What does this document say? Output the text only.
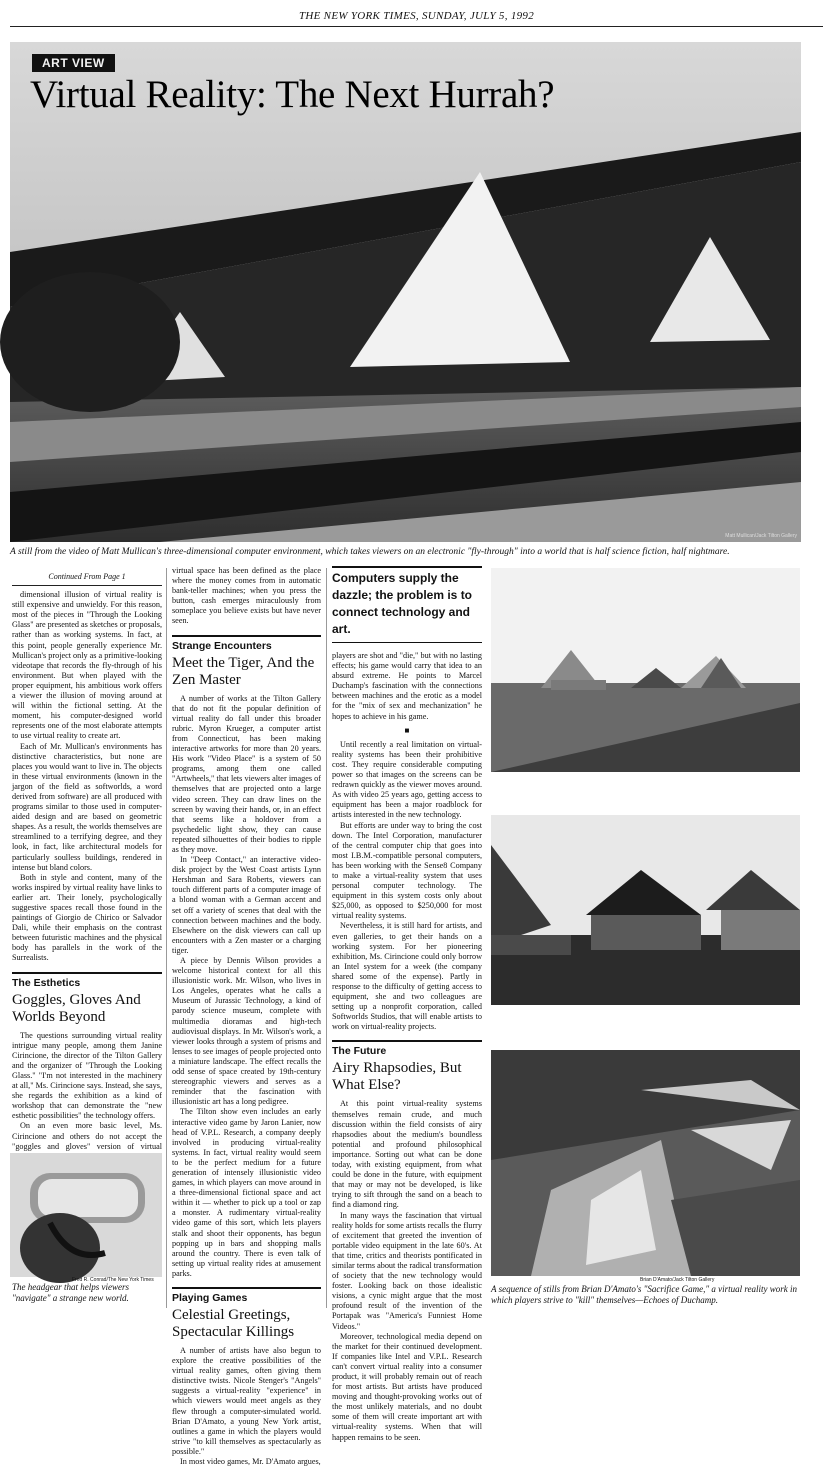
THE NEW YORK TIMES, SUNDAY, JULY 5, 1992
ART VIEW
Virtual Reality: The Next Hurrah?
Matt Mullican/Jack Tilton Gallery
A still from the video of Matt Mullican's three-dimensional computer environment, which takes viewers on an electronic "fly-through" into a world that is half science fiction, half nightmare.
Continued From Page 1

dimensional illusion of virtual reality is still expensive and unwieldy. For this reason, most of the pieces in "Through the Looking Glass" are presented as sketches or proposals, rather than as working systems. In fact, at this point, people generally experience Mr. Mullican's project only as a primitive-looking videotape that records the fly-through of his environment. But when played with the proper equipment, his ambitious work offers a viewer the illusion of moving around at will within the fictional setting. At the moment, his computer-designed world represents one of the most elaborate attempts to use virtual reality to create art.

Each of Mr. Mullican's environments has distinctive characteristics, but none are places you would want to live in. The objects in these virtual environments (known in the jargon of the field as softworlds, a word derived from software) are all produced with programs similar to those used in computer-aided design and are based on geometric shapes. As a result, the worlds themselves are streamlined to a terrifying degree, and they look, in fact, like architectural models for particularly soulless buildings, rendered in intense but bland colors.

Both in style and content, many of the works inspired by virtual reality have links to earlier art. Their lonely, psychologically suggestive spaces recall those found in the paintings of Giorgio de Chirico or Salvador Dali, while their emphasis on the contrast between futuristic machines and the physical body has parallels in the work of the Surrealists.

The Esthetics
Goggles, Gloves And Worlds Beyond

The questions surrounding virtual reality intrigue many people, among them Janine Cirincione, the director of the Tilton Gallery and the organizer of "Through the Looking Glass." "I'm not interested in the machinery at all," Ms. Cirincione says. Instead, she says, she regards the exhibition as a kind of workshop that can demonstrate the "new esthetic possibilities" the technology offers.

On an even more basic level, Ms. Cirincione and others do not accept the "goggles and gloves" version of virtual

Fred R. Conrad/The New York Times
The headgear that helps viewers "navigate" a strange new world.

virtual space has been defined as the place where the money comes from in automatic bank-teller machines; when you press the button, cash emerges miraculously from someplace you believe exists but have never seen.

Strange Encounters
Meet the Tiger, And the Zen Master

A number of works at the Tilton Gallery that do not fit the popular definition of virtual reality do fall under this broader rubric. Myron Krueger, a computer artist from Connecticut, has been making interactive artworks for more than 20 years. His work "Video Place" is a system of 50 programs, among them one called "Artwheels," that lets viewers alter images of themselves that are projected onto a large video screen. They can draw lines on the screen by waving their hands, or, in an effect that seems like a holdover from a psychedelic light show, they can cause repeated silhouettes of their bodies to ripple as they move.

In "Deep Contact," an interactive video-disk project by the West Coast artists Lynn Hershman and Sara Roberts, viewers can touch different parts of a computer image of a blond woman with a German accent and set off a variety of scenes that deal with the connection between machines and the body. Elsewhere on the disk viewers can call up encounters with a Zen master or a charging tiger.

A piece by Dennis Wilson provides a welcome historical context for all this illusionistic work. Mr. Wilson, who lives in Los Angeles, operates what he calls a Museum of Jurassic Technology, a kind of parody science museum, complete with multimedia dioramas and high-tech audiovisual displays. In Mr. Wilson's work, a viewer looks through a system of prisms and lenses to see images of people projected onto a miniature landscape. The effect recalls the odd sense of space created by 19th-century stereographic viewers and serves as a reminder that the fascination with illusionistic art has a long pedigree.

The Tilton show even includes an early interactive video game by Jaron Lanier, now head of V.P.L. Research, a company deeply involved in producing virtual-reality systems. In fact, virtual reality would seem to be the perfect medium for a future generation of intensely illusionistic video games, in which players can move around in a three-dimensional fictional space and act within it — whether to pick up a tool or zap a monster. A rudimentary virtual-reality video game of this sort, which lets players stalk and shoot their opponents, has begun popping up in bars and shopping malls around the country. There is even talk of setting up virtual reality rides at amusement parks.

Playing Games
Celestial Greetings, Spectacular Killings

A number of artists have also begun to explore the creative possibilities of the virtual reality games, often giving them distinctive twists. Nicole Stenger's "Angels" suggests a virtual-reality "experience" in which viewers would meet angels as they flew through a computer-simulated world. Brian D'Amato, a young New York artist, outlines a game in which the players would strive "to kill themselves as spectacularly as possible."

In most video games, Mr. D'Amato argues,

Computers supply the dazzle; the problem is to connect technology and art.

players are shot and "die," but with no lasting effects; his game would carry that idea to an absurd extreme. He points to Marcel Duchamp's fascination with the connections between machines and the erotic as a model for the "mix of sex and mechanization" he hopes to achieve in his game.

■

Until recently a real limitation on virtual-reality systems has been their prohibitive cost. They require considerable computing power so that images on the screens can be redrawn quickly as the viewer moves around. As with video 25 years ago, getting access to equipment has been a major roadblock for artists interested in the new technology.

But efforts are under way to bring the cost down. The Intel Corporation, manufacturer of the central computer chip that goes into most I.B.M.-compatible personal computers, has been working with the Sense8 Company to make a virtual-reality system that uses personal computer technology. The equipment in this system costs only about $25,000, as opposed to $250,000 for most virtual reality systems.

Nevertheless, it is still hard for artists, and even galleries, to get their hands on a working system. For her pioneering exhibition, Ms. Cirincione could only borrow an Intel system for a week (the company shared some of the expense). Partly in response to the difficulty of getting access to equipment, she and two colleagues are setting up a nonprofit corporation, called Softworlds Studios, that will enable artists to work on virtual-reality projects.

The Future
Airy Rhapsodies, But What Else?

At this point virtual-reality systems themselves remain crude, and much discussion within the field consists of airy rhapsodies about the medium's boundless potential and profound philosophical importance. Sorting out what can be done today, with existing equipment, from what could be done in the future, with equipment that may or may not be developed, is like trying to sift through the sand on a beach to find a diamond ring.

In many ways the fascination that virtual reality holds for some artists recalls the flurry of excitement that greeted the invention of portable video equipment in the late 60's. At that time, critics and theorists pontificated in similar terms about the radical transformation of society that the new technology would foster. Looking back on those idealistic visions, a cynic might argue that the most profound result of the invention of the Portapak was "America's Funniest Home Videos."

Moreover, technological media depend on the market for their continued development. If companies like Intel and V.P.L. Research can't convert virtual reality into a consumer product, it will probably remain out of reach for most artists. But artists have produced moving and thought-provoking works out of the most unlikely materials, and no doubt some of them will create important art with virtual-reality systems. When that will happen remains to be seen.

Brian D'Amato/Jack Tilton Gallery
A sequence of stills from Brian D'Amato's "Sacrifice Game," a virtual reality work in which players strive to "kill" themselves—Echoes of Duchamp.
